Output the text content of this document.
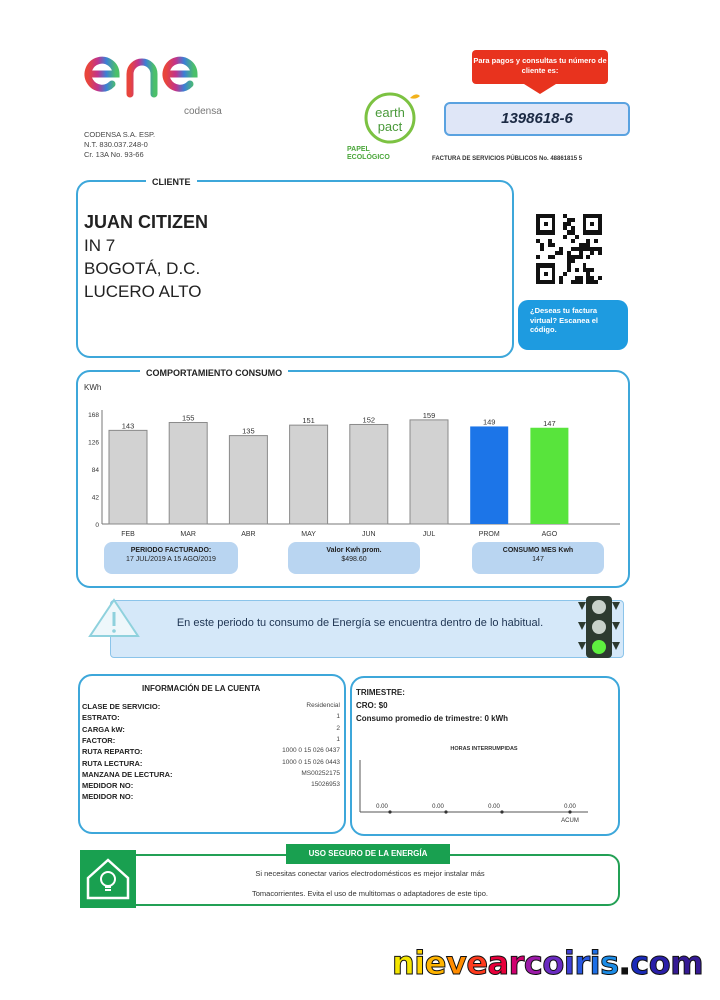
codensa
CODENSA S.A. ESP.
N.T. 830.037.248-0
Cr. 13A No. 93-66
earth
pact
PAPEL
ECOLÓGICO
Para pagos y consultas tu número de cliente es:
1398618-6
FACTURA DE SERVICIOS PÚBLICOS No. 48861815 5
CLIENTE
JUAN CITIZEN
IN 7
BOGOTÁ, D.C.
LUCERO ALTO
¿Deseas tu factura virtual? Escanea el código.
COMPORTAMIENTO CONSUMO
KWh
0
42
84
126
168
143
FEB
155
MAR
135
ABR
151
MAY
152
JUN
159
JUL
149
PROM
147
AGO
PERIODO FACTURADO:
17 JUL/2019 A 15 AGO/2019
Valor Kwh prom.
$498.60
CONSUMO MES Kwh
147
En este periodo tu consumo de Energía se encuentra dentro de lo habitual.
INFORMACIÓN DE LA CUENTA
CLASE DE SERVICIO:	Residencial
ESTRATO:	1
CARGA kW:	2
FACTOR:	1
RUTA REPARTO:	1000 0 15 026 0437
RUTA LECTURA:	1000 0 15 026 0443
MANZANA DE LECTURA:	MS00252175
MEDIDOR NO:	15026953
MEDIDOR NO:
TRIMESTRE:
CRO: $0
Consumo promedio de trimestre: 0 kWh
HORAS INTERRUMPIDAS
0.00	0.00	0.00	0.00
ACUM
USO SEGURO DE LA ENERGÍA
Si necesitas conectar varios electrodomésticos es mejor instalar más
Tomacorrientes. Evita el uso de multitomas o adaptadores de este tipo.
nievearcoiris.com
